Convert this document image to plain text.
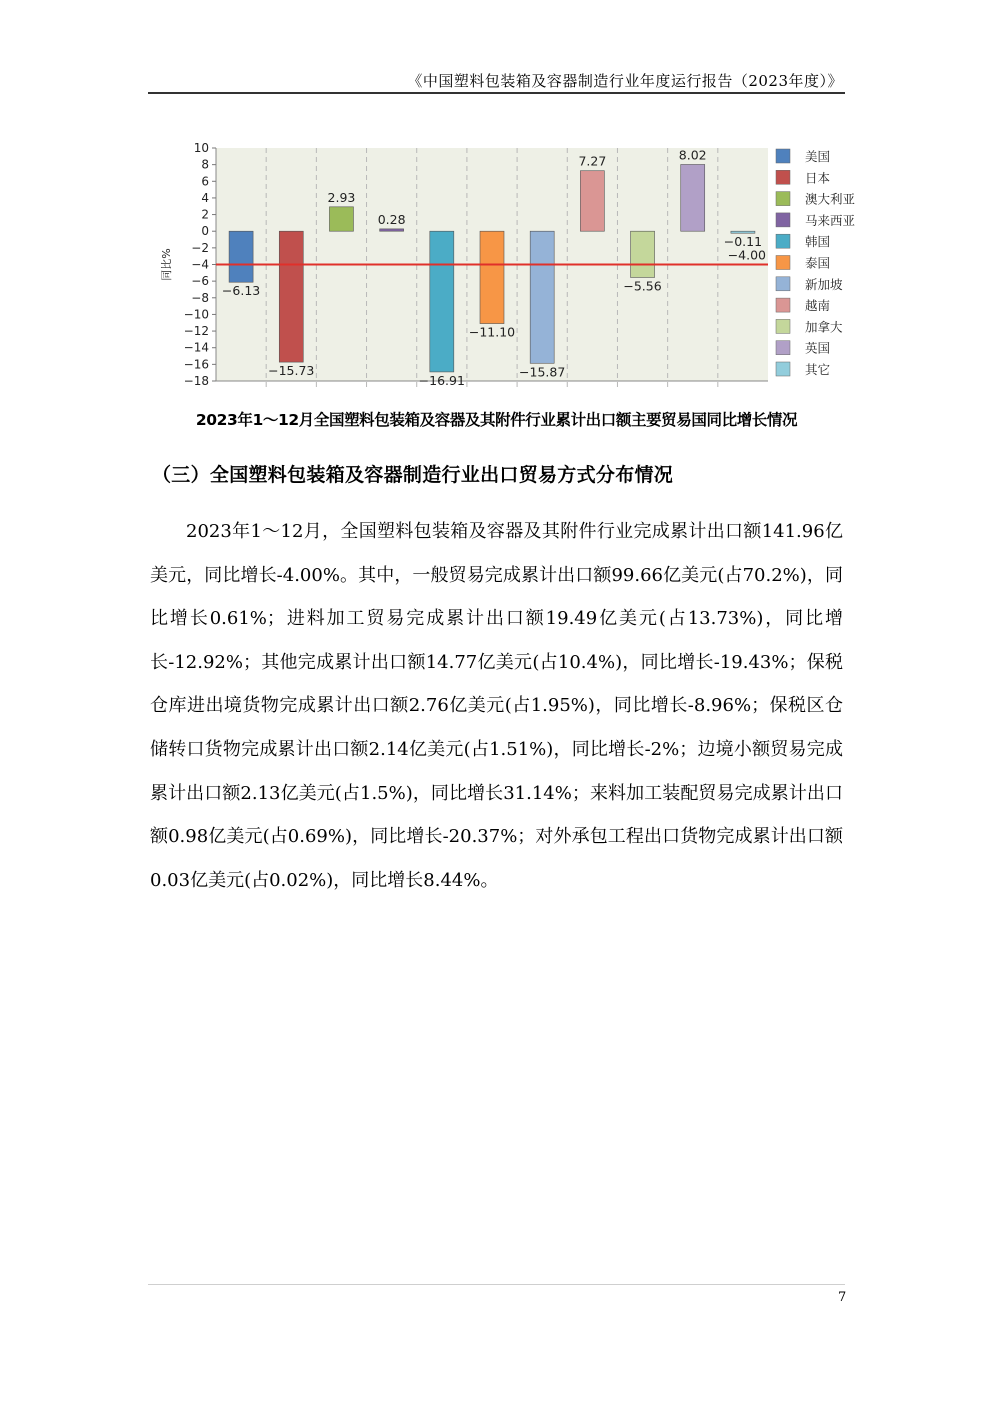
《中国塑料包装箱及容器制造行业年度运行报告（2023年度）》
10
8
6
4
2
0
−2
−4
−6
−8
−10
−12
−14
−16
−18
同比%
−6.13
−15.73
2.93
0.28
−16.91
−11.10
−15.87
7.27
−5.56
8.02
−0.11
−4.00
美国
日本
澳大利亚
马来西亚
韩国
泰国
新加坡
越南
加拿大
英国
其它
2023年1～12月全国塑料包装箱及容器及其附件行业累计出口额主要贸易国同比增长情况
（三）全国塑料包装箱及容器制造行业出口贸易方式分布情况

2023年1～12月，全国塑料包装箱及容器及其附件行业完成累计出口额141.96亿美元，同比增长-4.00%。其中，一般贸易完成累计出口额99.66亿美元(占70.2%)，同比增长0.61%；进料加工贸易完成累计出口额19.49亿美元(占13.73%)，同比增长-12.92%；其他完成累计出口额14.77亿美元(占10.4%)，同比增长-19.43%；保税仓库进出境货物完成累计出口额2.76亿美元(占1.95%)，同比增长-8.96%；保税区仓储转口货物完成累计出口额2.14亿美元(占1.51%)，同比增长-2%；边境小额贸易完成累计出口额2.13亿美元(占1.5%)，同比增长31.14%；来料加工装配贸易完成累计出口额0.98亿美元(占0.69%)，同比增长-20.37%；对外承包工程出口货物完成累计出口额0.03亿美元(占0.02%)，同比增长8.44%。

7
